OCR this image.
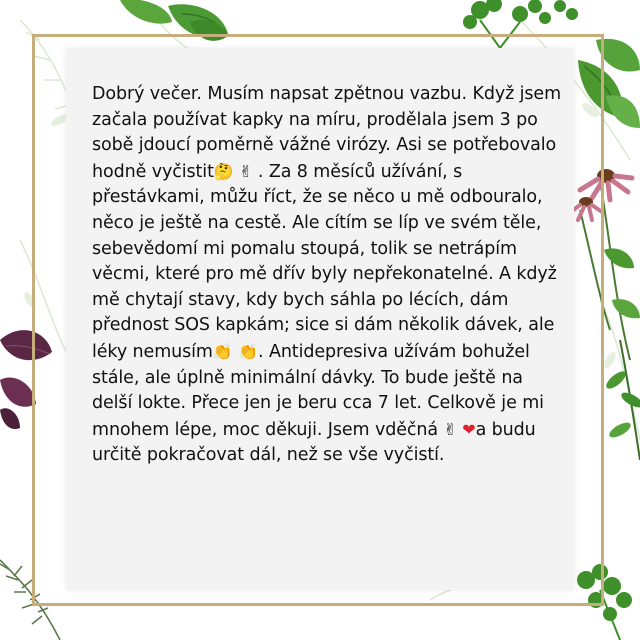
Dobrý večer. Musím napsat zpětnou vazbu. Když jsem začala používat kapky na míru, prodělala jsem 3 po sobě jdoucí poměrně vážné virózy. Asi se potřebovalo hodně vyčistit🤔 ✌ . Za 8 měsíců užívání, s přestávkami, můžu říct, že se něco u mě odbouralo, něco je ještě na cestě. Ale cítím se líp ve svém těle, sebevědomí mi pomalu stoupá, tolik se netrápím věcmi, které pro mě dřív byly nepřekonatelné. A když mě chytají stavy, kdy bych sáhla po lécích, dám přednost SOS kapkám; sice si dám několik dávek, ale léky nemusím👏 👏. Antidepresiva užívám bohužel stále, ale úplně minimální dávky. To bude ještě na delší lokte. Přece jen je beru cca 7 let. Celkově je mi mnohem lépe, moc děkuji. Jsem vděčná ✌ ❤a budu určitě pokračovat dál, než se vše vyčistí.
